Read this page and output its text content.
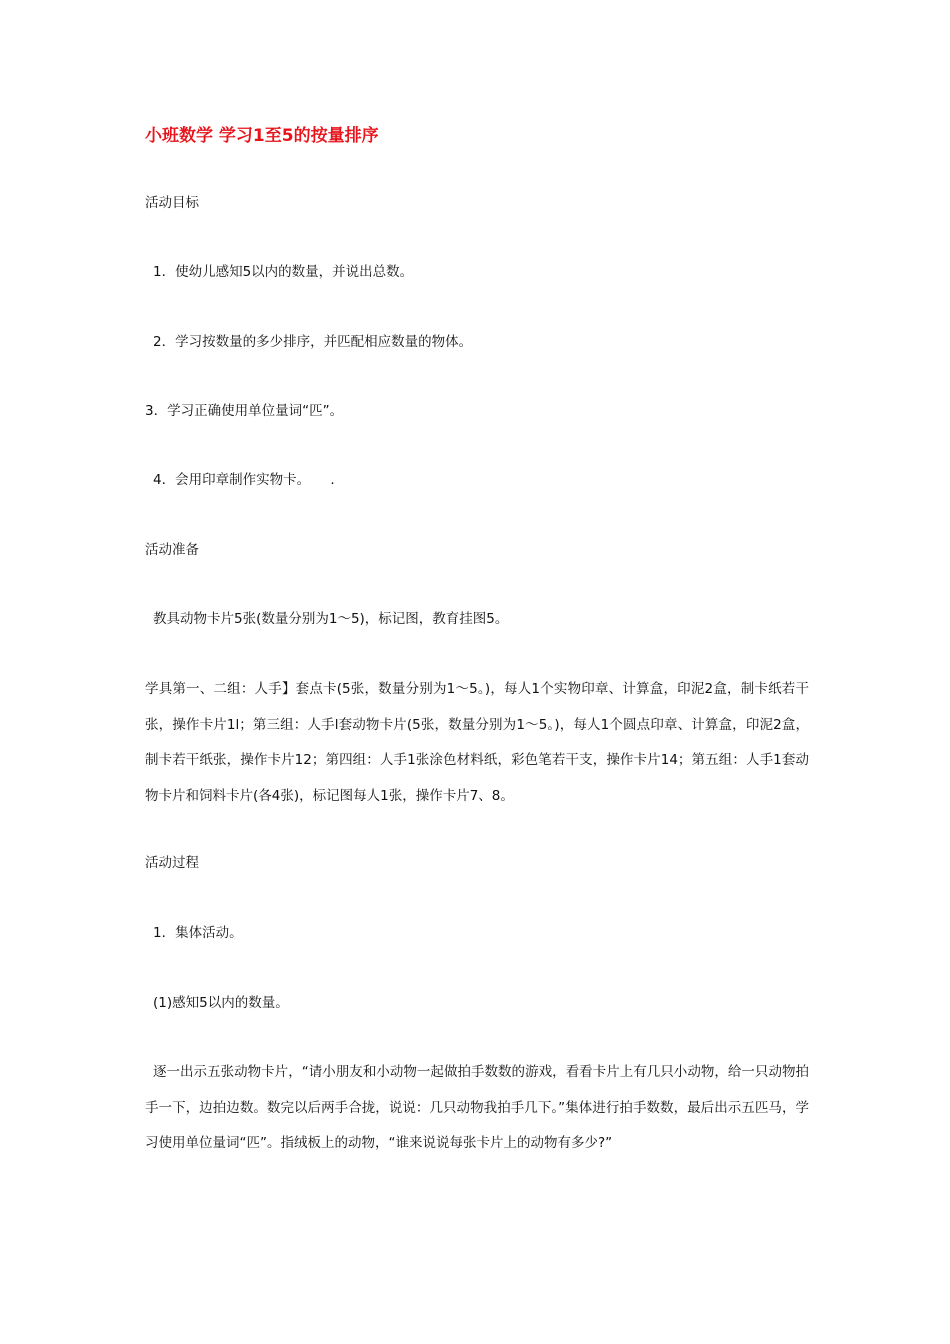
小班数学 学习1至5的按量排序
活动目标
1．使幼儿感知5以内的数量，并说出总数。
2．学习按数量的多少排序，并匹配相应数量的物体。
3．学习正确使用单位量词“匹”。
4．会用印章制作实物卡。　　.
活动准备
教具动物卡片5张(数量分别为1～5)，标记图，教育挂图5。
学具第一、二组：人手】套点卡(5张，数量分别为1～5。)，每人1个实物印章、计算盒，印泥2盒，制卡纸若干张，操作卡片1l；第三组：人手l套动物卡片(5张，数量分别为1～5。)，每人1个圆点印章、计算盒，印泥2盒，制卡若干纸张，操作卡片12；第四组：人手1张涂色材料纸，彩色笔若干支，操作卡片14；第五组：人手1套动物卡片和饲料卡片(各4张)，标记图每人1张，操作卡片7、8。
活动过程
1．集体活动。
(1)感知5以内的数量。
逐一出示五张动物卡片，“请小朋友和小动物一起做拍手数数的游戏，看看卡片上有几只小动物，给一只动物拍手一下，边拍边数。数完以后两手合拢，说说：几只动物我拍手几下。”集体进行拍手数数，最后出示五匹马，学习使用单位量词“匹”。指绒板上的动物，“谁来说说每张卡片上的动物有多少?”
